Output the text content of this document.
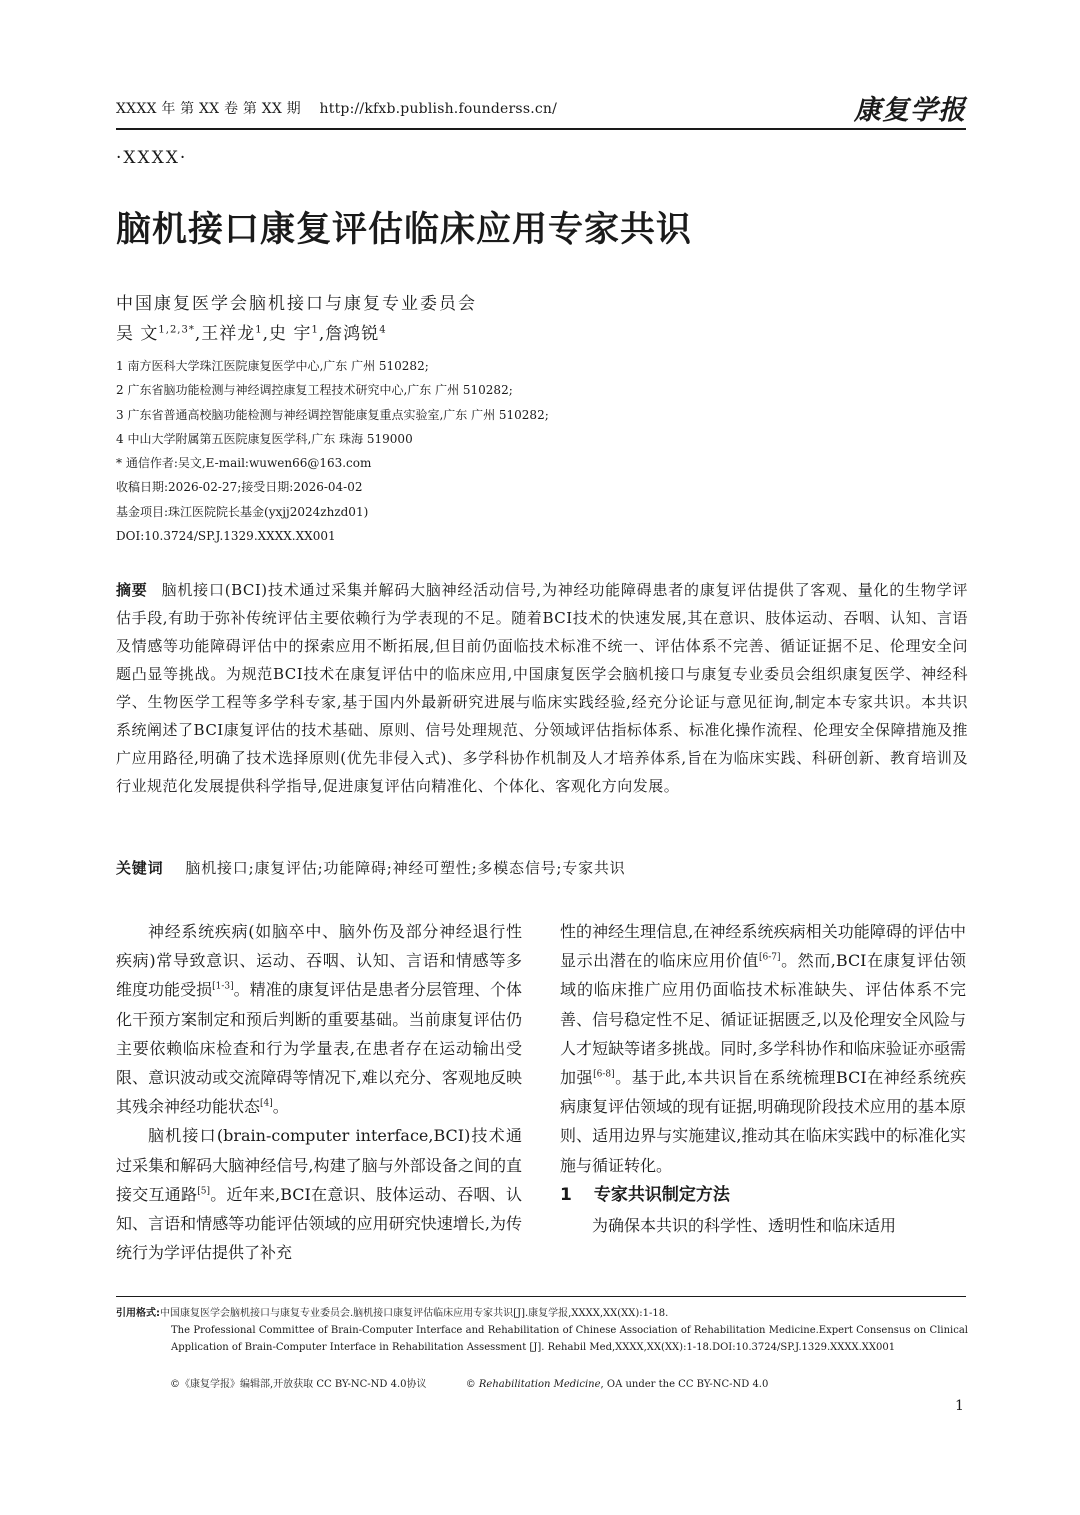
XXXX 年 第 XX 卷 第 XX 期 http://kfxb.publish.founderss.cn/	康复学报
·XXXX·
脑机接口康复评估临床应用专家共识
中国康复医学会脑机接口与康复专业委员会
吴 文$^{1,2,3*}$,王祥龙$^1$,史 宇$^1$,詹鸿锐$^4$
1 南方医科大学珠江医院康复医学中心,广东 广州 510282;
2 广东省脑功能检测与神经调控康复工程技术研究中心,广东 广州 510282;
3 广东省普通高校脑功能检测与神经调控智能康复重点实验室,广东 广州 510282;
4 中山大学附属第五医院康复医学科,广东 珠海 519000
* 通信作者:吴文,E-mail:wuwen66@163.com
收稿日期:2026-02-27;接受日期:2026-04-02
基金项目:珠江医院院长基金(yxjj2024zhzd01)
DOI:10.3724/SP.J.1329.XXXX.XX001
摘要 脑机接口(BCI)技术通过采集并解码大脑神经活动信号,为神经功能障碍患者的康复评估提供了客观、量化的生物学评估手段,有助于弥补传统评估主要依赖行为学表现的不足。随着BCI技术的快速发展,其在意识、肢体运动、吞咽、认知、言语及情感等功能障碍评估中的探索应用不断拓展,但目前仍面临技术标准不统一、评估体系不完善、循证证据不足、伦理安全问题凸显等挑战。为规范BCI技术在康复评估中的临床应用,中国康复医学会脑机接口与康复专业委员会组织康复医学、神经科学、生物医学工程等多学科专家,基于国内外最新研究进展与临床实践经验,经充分论证与意见征询,制定本专家共识。本共识系统阐述了BCI康复评估的技术基础、原则、信号处理规范、分领域评估指标体系、标准化操作流程、伦理安全保障措施及推广应用路径,明确了技术选择原则(优先非侵入式)、多学科协作机制及人才培养体系,旨在为临床实践、科研创新、教育培训及行业规范化发展提供科学指导,促进康复评估向精准化、个体化、客观化方向发展。
关键词 脑机接口;康复评估;功能障碍;神经可塑性;多模态信号;专家共识

神经系统疾病(如脑卒中、脑外伤及部分神经退行性疾病)常导致意识、运动、吞咽、认知、言语和情感等多维度功能受损[1-3]。精准的康复评估是患者分层管理、个体化干预方案制定和预后判断的重要基础。当前康复评估仍主要依赖临床检查和行为学量表,在患者存在运动输出受限、意识波动或交流障碍等情况下,难以充分、客观地反映其残余神经功能状态[4]。

脑机接口(brain-computer interface,BCI)技术通过采集和解码大脑神经信号,构建了脑与外部设备之间的直接交互通路[5]。近年来,BCI在意识、肢体运动、吞咽、认知、言语和情感等功能评估领域的应用研究快速增长,为传统行为学评估提供了补充

性的神经生理信息,在神经系统疾病相关功能障碍的评估中显示出潜在的临床应用价值[6-7]。然而,BCI在康复评估领域的临床推广应用仍面临技术标准缺失、评估体系不完善、信号稳定性不足、循证证据匮乏,以及伦理安全风险与人才短缺等诸多挑战。同时,多学科协作和临床验证亦亟需加强[6-8]。基于此,本共识旨在系统梳理BCI在神经系统疾病康复评估领域的现有证据,明确现阶段技术应用的基本原则、适用边界与实施建议,推动其在临床实践中的标准化实施与循证转化。

1 专家共识制定方法

为确保本共识的科学性、透明性和临床适用

引用格式:中国康复医学会脑机接口与康复专业委员会.脑机接口康复评估临床应用专家共识[J].康复学报,XXXX,XX(XX):1-18.
The Professional Committee of Brain-Computer Interface and Rehabilitation of Chinese Association of Rehabilitation Medicine.Expert Consensus on Clinical Application of Brain-Computer Interface in Rehabilitation Assessment [J]. Rehabil Med,XXXX,XX(XX):1-18.DOI:10.3724/SP.J.1329.XXXX.XX001
©《康复学报》编辑部,开放获取 CC BY-NC-ND 4.0协议	© Rehabilitation Medicine, OA under the CC BY-NC-ND 4.0
1
